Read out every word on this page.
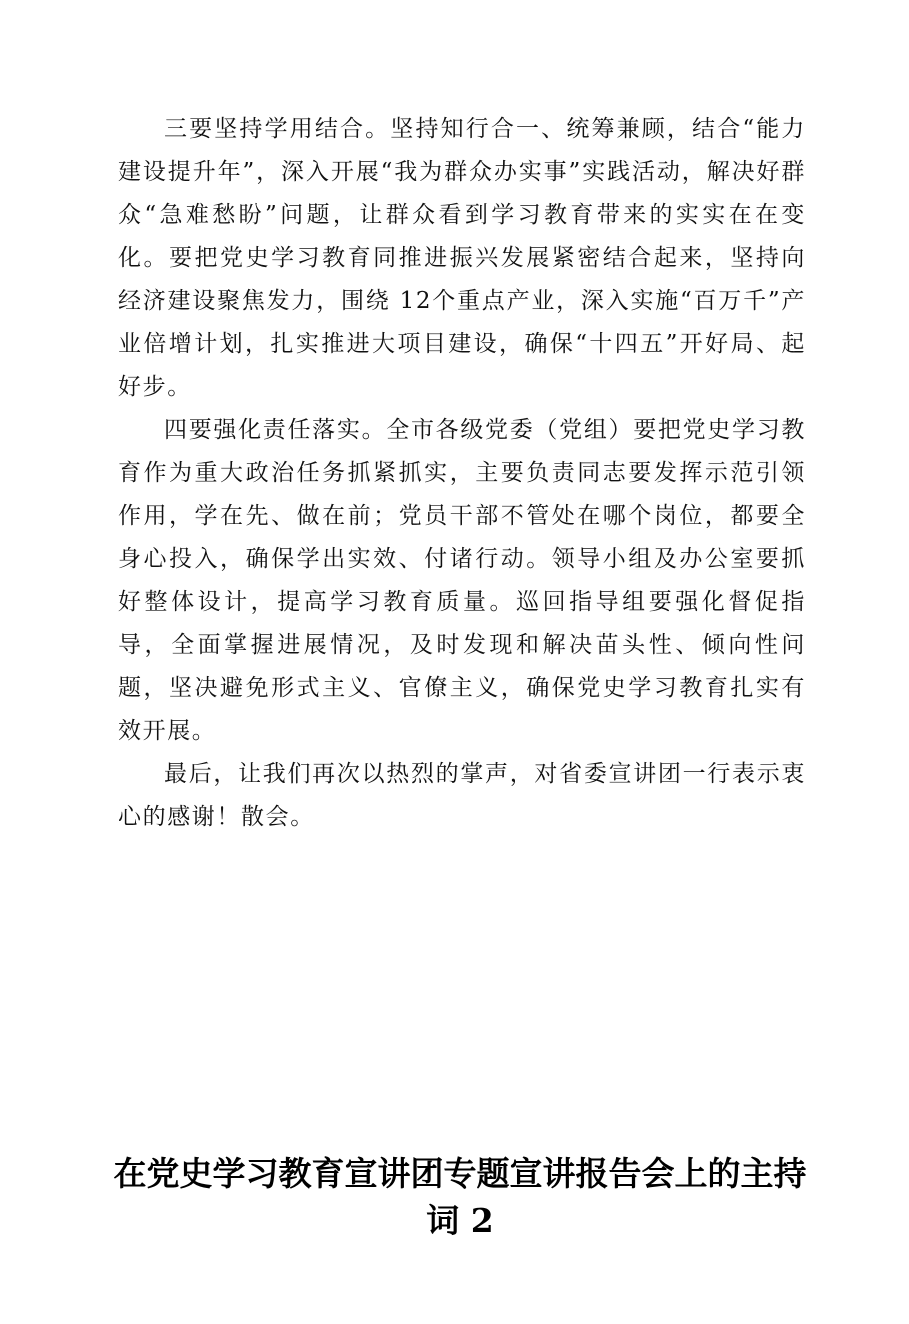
三要坚持学用结合。坚持知行合一、统筹兼顾，结合“能力建设提升年”，深入开展“我为群众办实事”实践活动，解决好群众“急难愁盼”问题，让群众看到学习教育带来的实实在在变化。要把党史学习教育同推进振兴发展紧密结合起来，坚持向经济建设聚焦发力，围绕 12个重点产业，深入实施“百万千”产业倍增计划，扎实推进大项目建设，确保“十四五”开好局、起好步。

四要强化责任落实。全市各级党委（党组）要把党史学习教育作为重大政治任务抓紧抓实，主要负责同志要发挥示范引领作用，学在先、做在前；党员干部不管处在哪个岗位，都要全身心投入，确保学出实效、付诸行动。领导小组及办公室要抓好整体设计，提高学习教育质量。巡回指导组要强化督促指导，全面掌握进展情况，及时发现和解决苗头性、倾向性问题，坚决避免形式主义、官僚主义，确保党史学习教育扎实有效开展。

最后，让我们再次以热烈的掌声，对省委宣讲团一行表示衷心的感谢！散会。

在党史学习教育宣讲团专题宣讲报告会上的主持词 2
